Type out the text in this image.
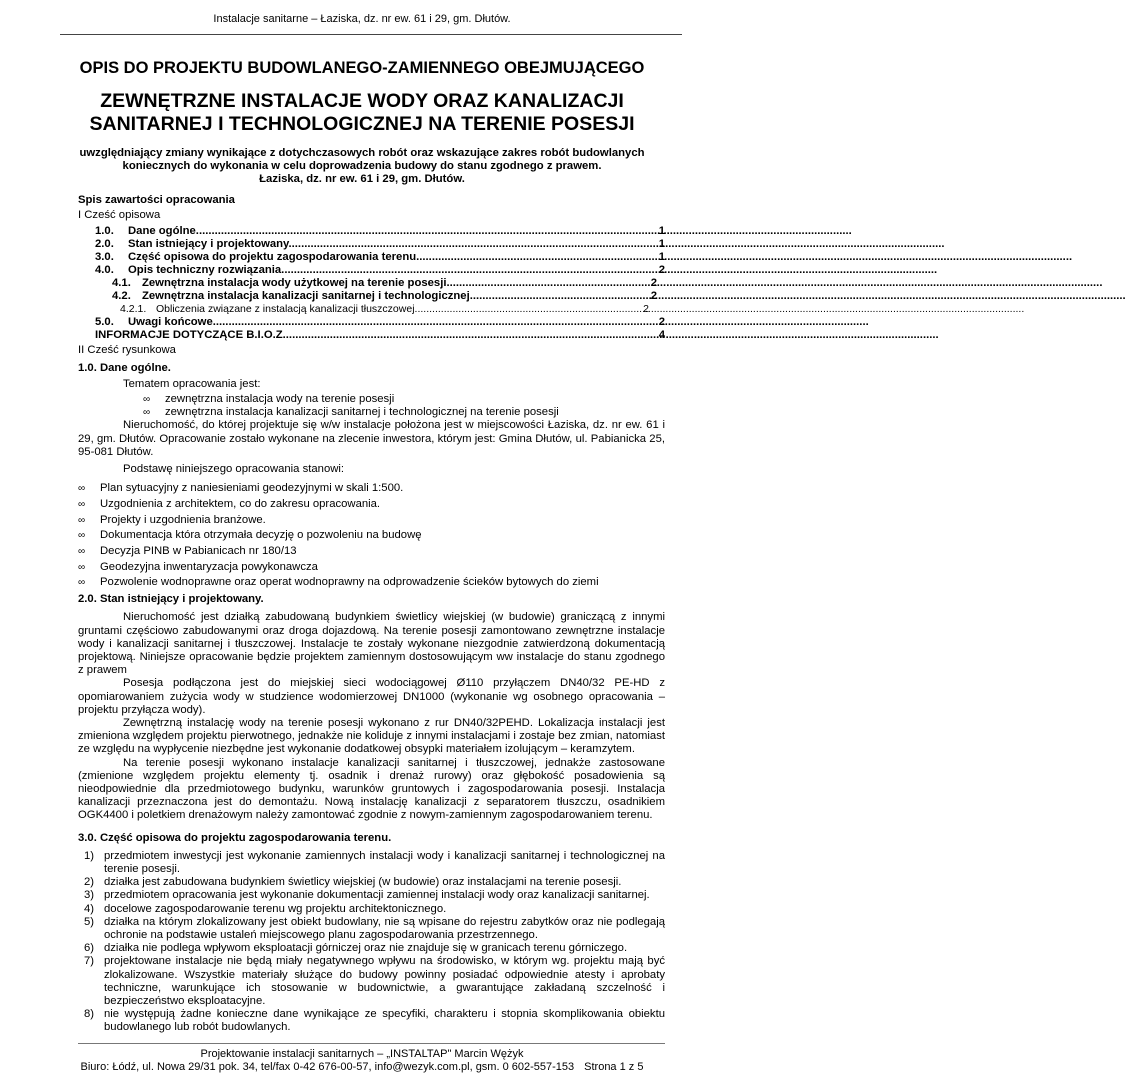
Instalacje sanitarne – Łaziska, dz. nr ew. 61 i 29, gm. Dłutów.
OPIS DO PROJEKTU BUDOWLANEGO-ZAMIENNEGO OBEJMUJĄCEGO
ZEWNĘTRZNE INSTALACJE WODY ORAZ KANALIZACJI
SANITARNEJ I TECHNOLOGICZNEJ NA TERENIE POSESJI
uwzględniający zmiany wynikające z dotychczasowych robót oraz wskazujące zakres robót budowlanych
koniecznych do wykonania w celu doprowadzenia budowy do stanu zgodnego z prawem.
Łaziska, dz. nr ew. 61 i 29, gm. Dłutów.
Spis zawartości opracowania
I Cześć opisowa
1.0.	Dane ogólne. .....	1
2.0.	Stan istniejący i projektowany. .....	1
3.0.	Część opisowa do projektu zagospodarowania terenu. .....	1
4.0.	Opis techniczny rozwiązania. .....	2
4.1. Zewnętrzna instalacja wody użytkowej na terenie posesji. .....	2
4.2. Zewnętrzna instalacja kanalizacji sanitarnej i technologicznej. .....	2
4.2.1. Obliczenia związane z instalacją kanalizacji tłuszczowej. .....	2
5.0.	Uwagi końcowe. .....	2
INFORMACJE DOTYCZĄCE B.I.O.Z. .....	4
II Cześć rysunkowa
1.0. Dane ogólne.
Tematem opracowania jest:
∞	zewnętrzna instalacja wody na terenie posesji
∞	zewnętrzna instalacja kanalizacji sanitarnej i technologicznej na terenie posesji
Nieruchomość, do której projektuje się w/w instalacje położona jest w miejscowości Łaziska, dz. nr ew. 61 i 29, gm. Dłutów. Opracowanie zostało wykonane na zlecenie inwestora, którym jest: Gmina Dłutów, ul. Pabianicka 25, 95-081 Dłutów.
Podstawę niniejszego opracowania stanowi:
∞	Plan sytuacyjny z naniesieniami geodezyjnymi w skali 1:500.
∞	Uzgodnienia z architektem, co do zakresu opracowania.
∞	Projekty i uzgodnienia branżowe.
∞	Dokumentacja która otrzymała decyzję o pozwoleniu na budowę
∞	Decyzja PINB w Pabianicach nr 180/13
∞	Geodezyjna inwentaryzacja powykonawcza
∞	Pozwolenie wodnoprawne oraz operat wodnoprawny na odprowadzenie ścieków bytowych do ziemi
2.0. Stan istniejący i projektowany.
Nieruchomość jest działką zabudowaną budynkiem świetlicy wiejskiej (w budowie) graniczącą z innymi gruntami częściowo zabudowanymi oraz droga dojazdową. Na terenie posesji zamontowano zewnętrzne instalacje wody i kanalizacji sanitarnej i tłuszczowej. Instalacje te zostały wykonane niezgodnie zatwierdzoną dokumentacją projektową. Niniejsze opracowanie będzie projektem zamiennym dostosowującym ww instalacje do stanu zgodnego z prawem
Posesja podłączona jest do miejskiej sieci wodociągowej Ø110 przyłączem DN40/32 PE-HD z opomiarowaniem zużycia wody w studzience wodomierzowej DN1000 (wykonanie wg osobnego opracowania – projektu przyłącza wody).
Zewnętrzną instalację wody na terenie posesji wykonano z rur DN40/32PEHD. Lokalizacja instalacji jest zmieniona względem projektu pierwotnego, jednakże nie koliduje z innymi instalacjami i zostaje bez zmian, natomiast ze względu na wypłycenie niezbędne jest wykonanie dodatkowej obsypki materiałem izolującym – keramzytem.
Na terenie posesji wykonano instalacje kanalizacji sanitarnej i tłuszczowej, jednakże zastosowane (zmienione względem projektu elementy tj. osadnik i drenaż rurowy) oraz głębokość posadowienia są nieodpowiednie dla przedmiotowego budynku, warunków gruntowych i zagospodarowania posesji. Instalacja kanalizacji przeznaczona jest do demontażu. Nową instalację kanalizacji z separatorem tłuszczu, osadnikiem OGK4400 i poletkiem drenażowym należy zamontować zgodnie z nowym-zamiennym zagospodarowaniem terenu.
3.0. Część opisowa do projektu zagospodarowania terenu.
1) przedmiotem inwestycji jest wykonanie zamiennych instalacji wody i kanalizacji sanitarnej i technologicznej na terenie posesji.
2) działka jest zabudowana budynkiem świetlicy wiejskiej (w budowie) oraz instalacjami na terenie posesji.
3) przedmiotem opracowania jest wykonanie dokumentacji zamiennej instalacji wody oraz kanalizacji sanitarnej.
4) docelowe zagospodarowanie terenu wg projektu architektonicznego.
5) działka na którym zlokalizowany jest obiekt budowlany, nie są wpisane do rejestru zabytków oraz nie podlegają ochronie na podstawie ustaleń miejscowego planu zagospodarowania przestrzennego.
6) działka nie podlega wpływom eksploatacji górniczej oraz nie znajduje się w granicach terenu górniczego.
7) projektowane instalacje nie będą miały negatywnego wpływu na środowisko, w którym wg. projektu mają być zlokalizowane. Wszystkie materiały służące do budowy powinny posiadać odpowiednie atesty i aprobaty techniczne, warunkujące ich stosowanie w budownictwie, a gwarantujące zakładaną szczelność i bezpieczeństwo eksploatacyjne.
8) nie występują żadne konieczne dane wynikające ze specyfiki, charakteru i stopnia skomplikowania obiektu budowlanego lub robót budowlanych.
Projektowanie instalacji sanitarnych – „INSTALTAP" Marcin Wężyk
Biuro: Łódź, ul. Nowa 29/31 pok. 34, tel/fax 0-42 676-00-57, info@wezyk.com.pl, gsm. 0 602-557-153 Strona 1 z 5
